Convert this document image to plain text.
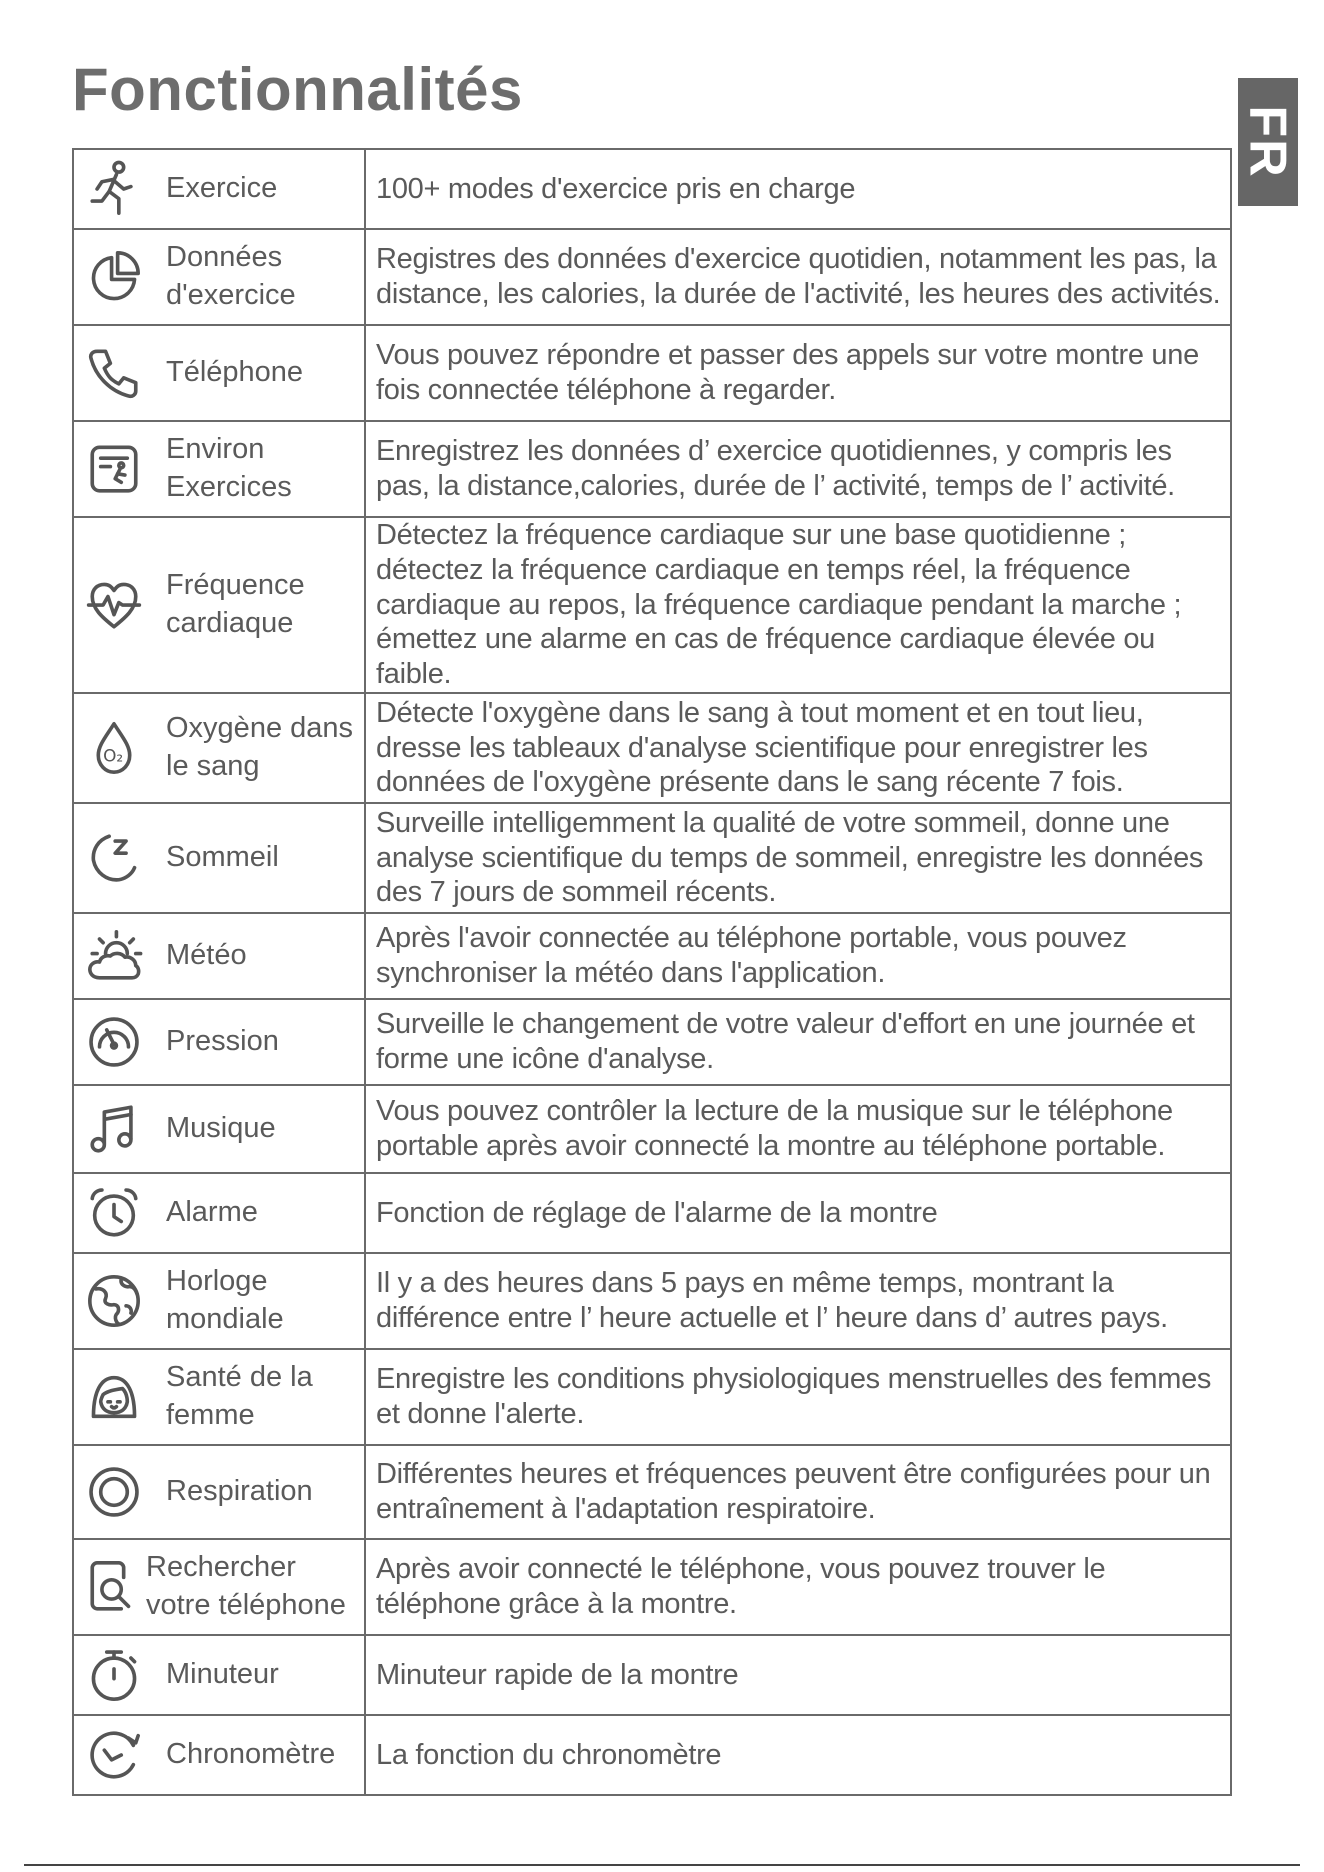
Fonctionnalités
FR
Exercice	100+ modes d'exercice pris en charge

Données d'exercice	Registres des données d'exercice quotidien, notamment les pas, la distance, les calories, la durée de l'activité, les heures des activités.

Téléphone	Vous pouvez répondre et passer des appels sur votre montre une fois connectée téléphone à regarder.

Environ Exercices	Enregistrez les données d’ exercice quotidiennes, y compris les pas, la distance,calories, durée de l’ activité, temps de l’ activité.

Fréquence cardiaque	Détectez la fréquence cardiaque sur une base quotidienne ; détectez la fréquence cardiaque en temps réel, la fréquence cardiaque au repos, la fréquence cardiaque pendant la marche ; émettez une alarme en cas de fréquence cardiaque élevée ou faible.

O₂
Oxygène dans le sang	Détecte l'oxygène dans le sang à tout moment et en tout lieu, dresse les tableaux d'analyse scientifique pour enregistrer les données de l'oxygène présente dans le sang récente 7 fois.

Sommeil	Surveille intelligemment la qualité de votre sommeil, donne une analyse scientifique du temps de sommeil, enregistre les données des 7 jours de sommeil récents.

Météo	Après l'avoir connectée au téléphone portable, vous pouvez synchroniser la météo dans l'application.

Pression	Surveille le changement de votre valeur d'effort en une journée et forme une icône d'analyse.

Musique	Vous pouvez contrôler la lecture de la musique sur le téléphone portable après avoir connecté la montre au téléphone portable.

Alarme	Fonction de réglage de l'alarme de la montre

Horloge mondiale	Il y a des heures dans 5 pays en même temps, montrant la différence entre l’ heure actuelle et l’ heure dans d’ autres pays.

Santé de la femme	Enregistre les conditions physiologiques menstruelles des femmes et donne l'alerte.

Respiration	Différentes heures et fréquences peuvent être configurées pour un entraînement à l'adaptation respiratoire.

Rechercher votre téléphone	Après avoir connecté le téléphone, vous pouvez trouver le téléphone grâce à la montre.

Minuteur	Minuteur rapide de la montre

Chronomètre	La fonction du chronomètre
